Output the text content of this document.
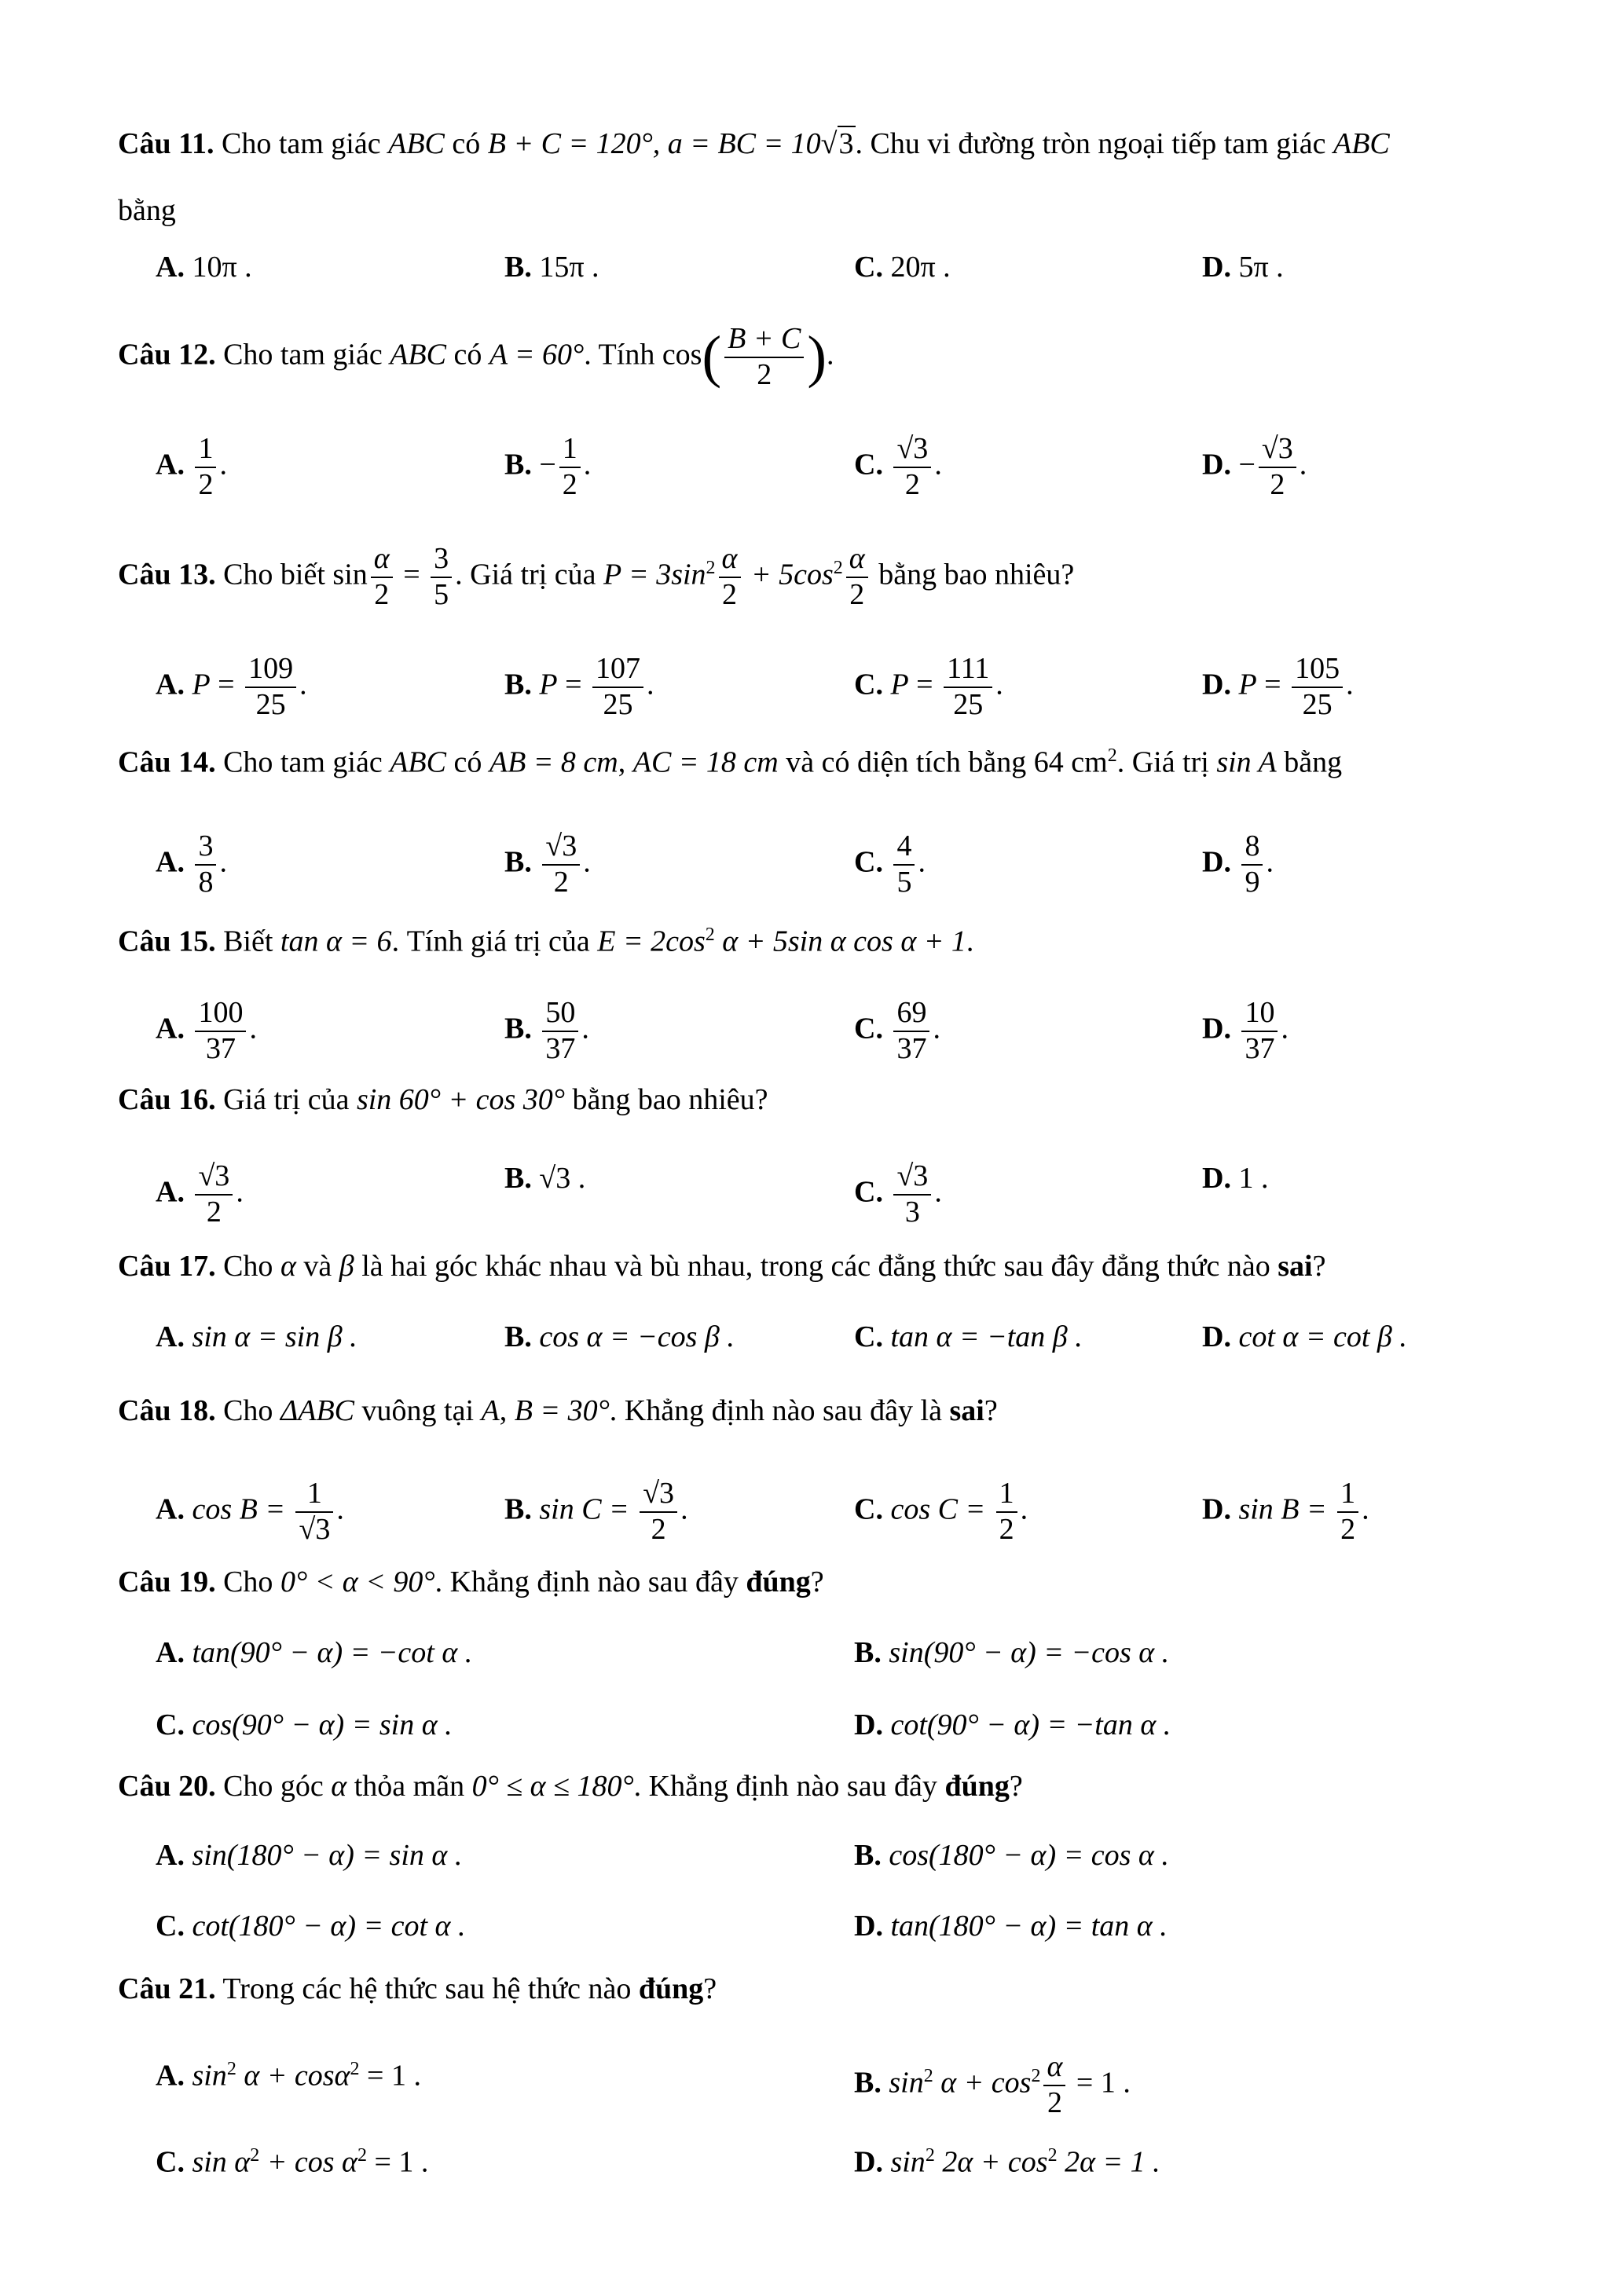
Câu 11. Cho tam giác ABC có B + C = 120°, a = BC = 10√3. Chu vi đường tròn ngoại tiếp tam giác ABC
bằng
A. 10π .	B. 15π .	C. 20π .	D. 5π .
Câu 12. Cho tam giác ABC có A = 60°. Tính $\cos( \frac{B + C}{2}$ ).
A. $\frac{1}{2}$ .	B. − $\frac{1}{2}$ .	C. $\frac{√3}{2}$ .	D. − $\frac{√3}{2}$ .
Câu 13. Cho biết $\sin \frac{\alpha}{2} = \frac{3}{5}$ . Giá trị của $P = 3\sin^2 \frac{\alpha}{2} + 5\cos^2 \frac{\alpha}{2}$ bằng bao nhiêu?
A. $P = \frac{109}{25}$ .	B. $P = \frac{107}{25}$ .	C. $P = \frac{111}{25}$ .	D. $P = \frac{105}{25}$ .
Câu 14. Cho tam giác ABC có AB = 8 cm, AC = 18 cm và có diện tích bằng 64 $cm^2$. Giá trị sin A bằng
A. $\frac{3}{8}$ .	B. $\frac{√3}{2}$ .	C. $\frac{4}{5}$ .	D. $\frac{8}{9}$ .
Câu 15. Biết tan α = 6. Tính giá trị của $E = 2\cos^2$ α + 5sin α cos α + 1.
A. $\frac{100}{37}$ .	B. $\frac{50}{37}$ .	C. $\frac{69}{37}$ .	D. $\frac{10}{37}$ .
Câu 16. Giá trị của sin 60° + cos 30° bằng bao nhiêu?
A. $\frac{√3}{2}$ .	B. √3 .	C. $\frac{√3}{3}$ .	D. 1 .
Câu 17. Cho α và β là hai góc khác nhau và bù nhau, trong các đẳng thức sau đây đẳng thức nào sai?
A. sin α = sin β .	B. cos α = −cos β .	C. tan α = −tan β .	D. cot α = cot β .
Câu 18. Cho ΔABC vuông tại A, B = 30°. Khẳng định nào sau đây là sai?
A. $\cos B = \frac{1}{√3}$ .	B. $\sin C = \frac{√3}{2}$ .	C. $\cos C = \frac{1}{2}$ .	D. $\sin B = \frac{1}{2}$ .
Câu 19. Cho 0° < α < 90°. Khẳng định nào sau đây đúng?
A. tan(90° − α) = −cot α .	B. sin(90° − α) = −cos α .
C. cos(90° − α) = sin α .	D. cot(90° − α) = −tan α .
Câu 20. Cho góc α thỏa mãn 0° ≤ α ≤ 180°. Khẳng định nào sau đây đúng?
A. sin(180° − α) = sin α .	B. cos(180° − α) = cos α .
C. cot(180° − α) = cot α .	D. tan(180° − α) = tan α .
Câu 21. Trong các hệ thức sau hệ thức nào đúng?
A. $\sin^2 \alpha + \cos\alpha^2 = 1$ .	B. $\sin^2 \alpha + \cos^2 \frac{\alpha}{2} = 1$ .
C. $\sin \alpha^2 + \cos \alpha^2 = 1$ .	D. $\sin^2 2\alpha + \cos^2 2\alpha = 1$ .
